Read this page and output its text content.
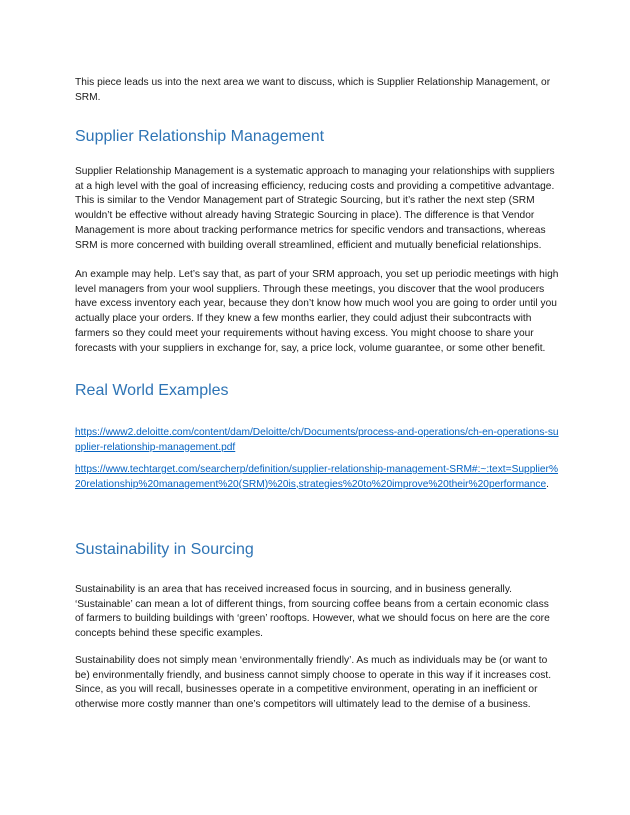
This piece leads us into the next area we want to discuss, which is Supplier Relationship Management, or SRM.

Supplier Relationship Management

Supplier Relationship Management is a systematic approach to managing your relationships with suppliers at a high level with the goal of increasing efficiency, reducing costs and providing a competitive advantage. This is similar to the Vendor Management part of Strategic Sourcing, but it’s rather the next step (SRM wouldn’t be effective without already having Strategic Sourcing in place). The difference is that Vendor Management is more about tracking performance metrics for specific vendors and transactions, whereas SRM is more concerned with building overall streamlined, efficient and mutually beneficial relationships.

An example may help. Let’s say that, as part of your SRM approach, you set up periodic meetings with high level managers from your wool suppliers. Through these meetings, you discover that the wool producers have excess inventory each year, because they don’t know how much wool you are going to order until you actually place your orders. If they knew a few months earlier, they could adjust their subcontracts with farmers so they could meet your requirements without having excess. You might choose to share your forecasts with your suppliers in exchange for, say, a price lock, volume guarantee, or some other benefit.

Real World Examples

https://www2.deloitte.com/content/dam/Deloitte/ch/Documents/process-and-operations/ch-en-operations-supplier-relationship-management.pdf

https://www.techtarget.com/searcherp/definition/supplier-relationship-management-SRM#:~:text=Supplier%20relationship%20management%20(SRM)%20is,strategies%20to%20improve%20their%20performance.

Sustainability in Sourcing

Sustainability is an area that has received increased focus in sourcing, and in business generally. ‘Sustainable’ can mean a lot of different things, from sourcing coffee beans from a certain economic class of farmers to building buildings with ‘green’ rooftops. However, what we should focus on here are the core concepts behind these specific examples.

Sustainability does not simply mean ‘environmentally friendly’. As much as individuals may be (or want to be) environmentally friendly, and business cannot simply choose to operate in this way if it increases cost. Since, as you will recall, businesses operate in a competitive environment, operating in an inefficient or otherwise more costly manner than one’s competitors will ultimately lead to the demise of a business.
